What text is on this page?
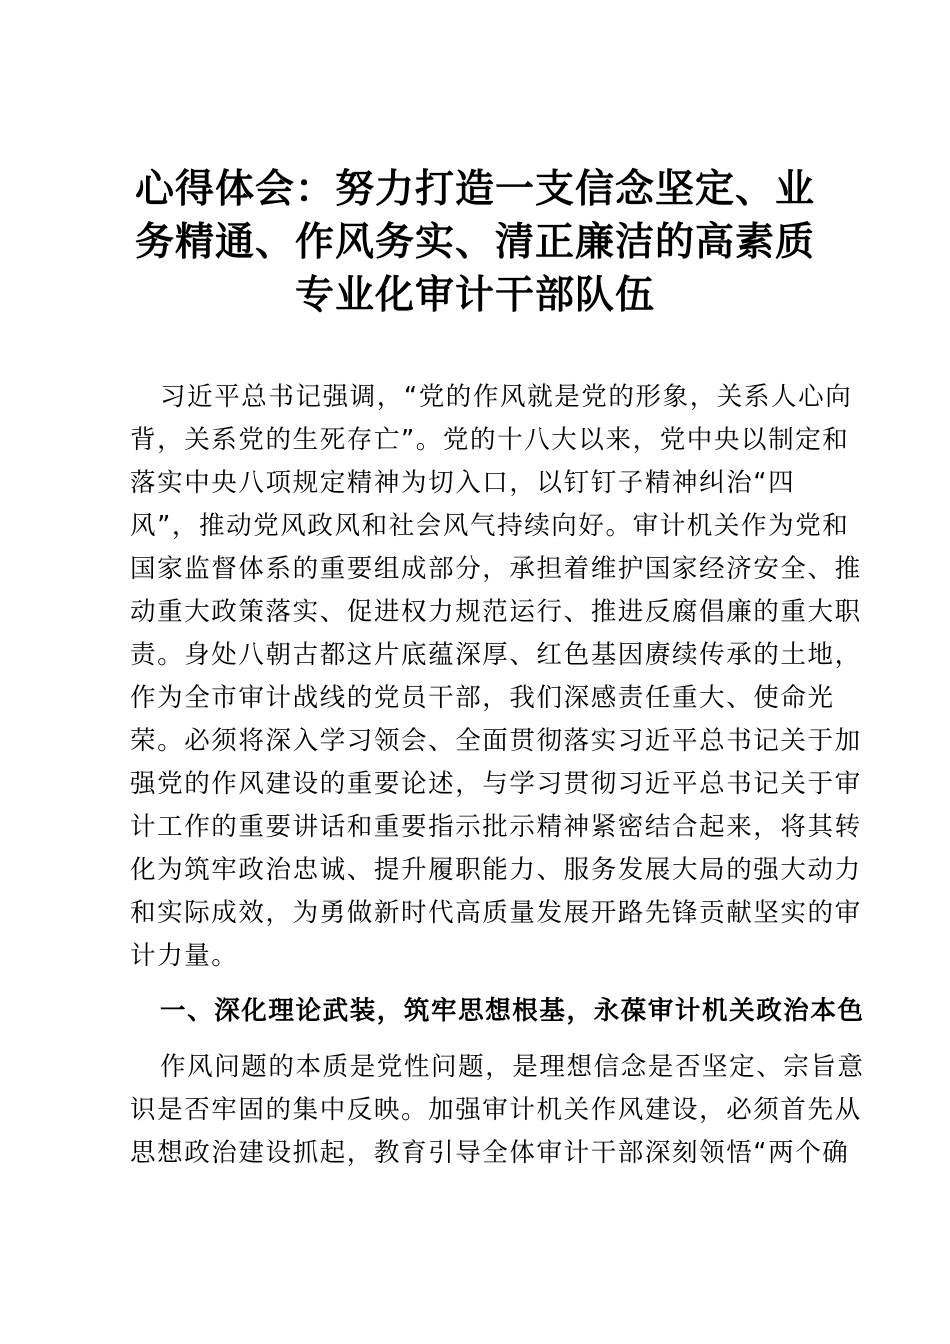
心得体会：努力打造一支信念坚定、业
务精通、作风务实、清正廉洁的高素质
专业化审计干部队伍
习近平总书记强调，“党的作风就是党的形象，关系人心向
背，关系党的生死存亡”。党的十八大以来，党中央以制定和
落实中央八项规定精神为切入口，以钉钉子精神纠治“四
风”，推动党风政风和社会风气持续向好。审计机关作为党和
国家监督体系的重要组成部分，承担着维护国家经济安全、推
动重大政策落实、促进权力规范运行、推进反腐倡廉的重大职
责。身处八朝古都这片底蕴深厚、红色基因赓续传承的土地，
作为全市审计战线的党员干部，我们深感责任重大、使命光
荣。必须将深入学习领会、全面贯彻落实习近平总书记关于加
强党的作风建设的重要论述，与学习贯彻习近平总书记关于审
计工作的重要讲话和重要指示批示精神紧密结合起来，将其转
化为筑牢政治忠诚、提升履职能力、服务发展大局的强大动力
和实际成效，为勇做新时代高质量发展开路先锋贡献坚实的审
计力量。
一、深化理论武装，筑牢思想根基，永葆审计机关政治本色
作风问题的本质是党性问题，是理想信念是否坚定、宗旨意
识是否牢固的集中反映。加强审计机关作风建设，必须首先从
思想政治建设抓起，教育引导全体审计干部深刻领悟“两个确
